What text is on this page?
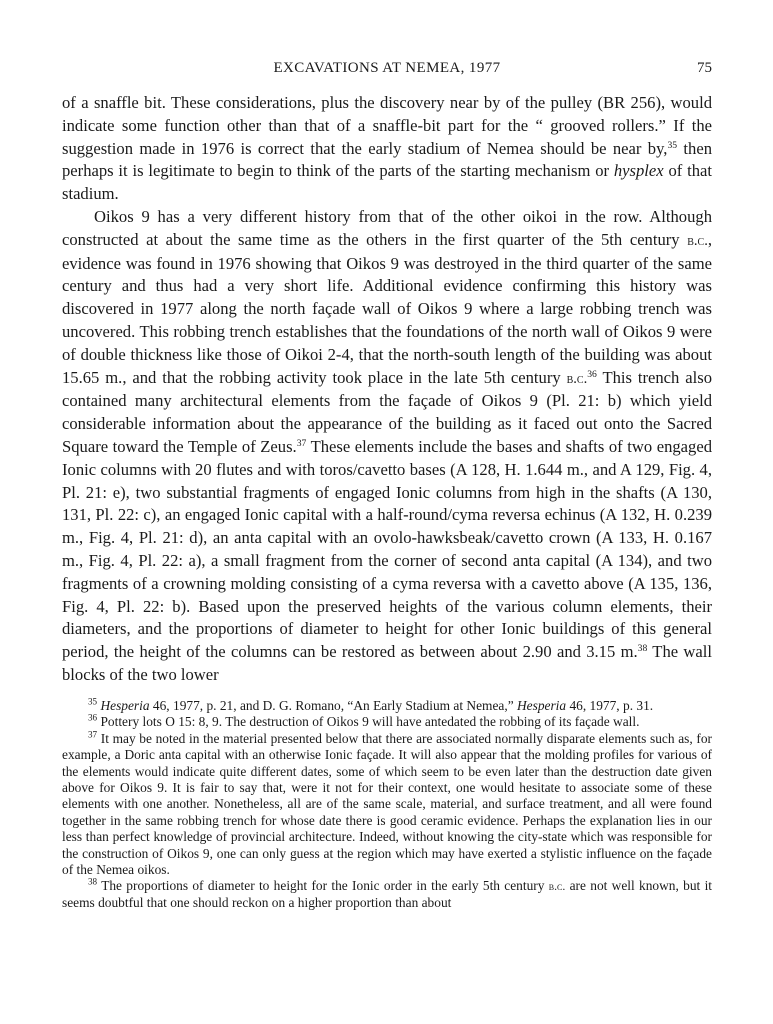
EXCAVATIONS AT NEMEA, 1977	75

of a snaffle bit. These considerations, plus the discovery near by of the pulley (BR 256), would indicate some function other than that of a snaffle-bit part for the “ grooved rollers.” If the suggestion made in 1976 is correct that the early stadium of Nemea should be near by,$^{35}$ then perhaps it is legitimate to begin to think of the parts of the starting mechanism or hysplex of that stadium.

Oikos 9 has a very different history from that of the other oikoi in the row. Although constructed at about the same time as the others in the first quarter of the 5th century b.c., evidence was found in 1976 showing that Oikos 9 was destroyed in the third quarter of the same century and thus had a very short life. Additional evidence confirming this history was discovered in 1977 along the north façade wall of Oikos 9 where a large robbing trench was uncovered. This robbing trench establishes that the foundations of the north wall of Oikos 9 were of double thickness like those of Oikoi 2-4, that the north-south length of the building was about 15.65 m., and that the robbing activity took place in the late 5th century b.c.$^{36}$ This trench also contained many architectural elements from the façade of Oikos 9 (Pl. 21: b) which yield considerable information about the appearance of the building as it faced out onto the Sacred Square toward the Temple of Zeus.$^{37}$ These elements include the bases and shafts of two engaged Ionic columns with 20 flutes and with toros/cavetto bases (A 128, H. 1.644 m., and A 129, Fig. 4, Pl. 21: e), two substantial fragments of engaged Ionic columns from high in the shafts (A 130, 131, Pl. 22: c), an engaged Ionic capital with a half-round/cyma reversa echinus (A 132, H. 0.239 m., Fig. 4, Pl. 21: d), an anta capital with an ovolo-hawksbeak/cavetto crown (A 133, H. 0.167 m., Fig. 4, Pl. 22: a), a small fragment from the corner of second anta capital (A 134), and two fragments of a crowning molding consisting of a cyma reversa with a cavetto above (A 135, 136, Fig. 4, Pl. 22: b). Based upon the preserved heights of the various column elements, their diameters, and the proportions of diameter to height for other Ionic buildings of this general period, the height of the columns can be restored as between about 2.90 and 3.15 m.$^{38}$ The wall blocks of the two lower

$^{35}$ Hesperia 46, 1977, p. 21, and D. G. Romano, “An Early Stadium at Nemea,” Hesperia 46, 1977, p. 31.

$^{36}$ Pottery lots O 15: 8, 9. The destruction of Oikos 9 will have antedated the robbing of its façade wall.

$^{37}$ It may be noted in the material presented below that there are associated normally disparate elements such as, for example, a Doric anta capital with an otherwise Ionic façade. It will also appear that the molding profiles for various of the elements would indicate quite different dates, some of which seem to be even later than the destruction date given above for Oikos 9. It is fair to say that, were it not for their context, one would hesitate to associate some of these elements with one another. Nonetheless, all are of the same scale, material, and surface treatment, and all were found together in the same robbing trench for whose date there is good ceramic evidence. Perhaps the explanation lies in our less than perfect knowledge of provincial architecture. Indeed, without knowing the city-state which was responsible for the construction of Oikos 9, one can only guess at the region which may have exerted a stylistic influence on the façade of the Nemea oikos.

$^{38}$ The proportions of diameter to height for the Ionic order in the early 5th century b.c. are not well known, but it seems doubtful that one should reckon on a higher proportion than about
